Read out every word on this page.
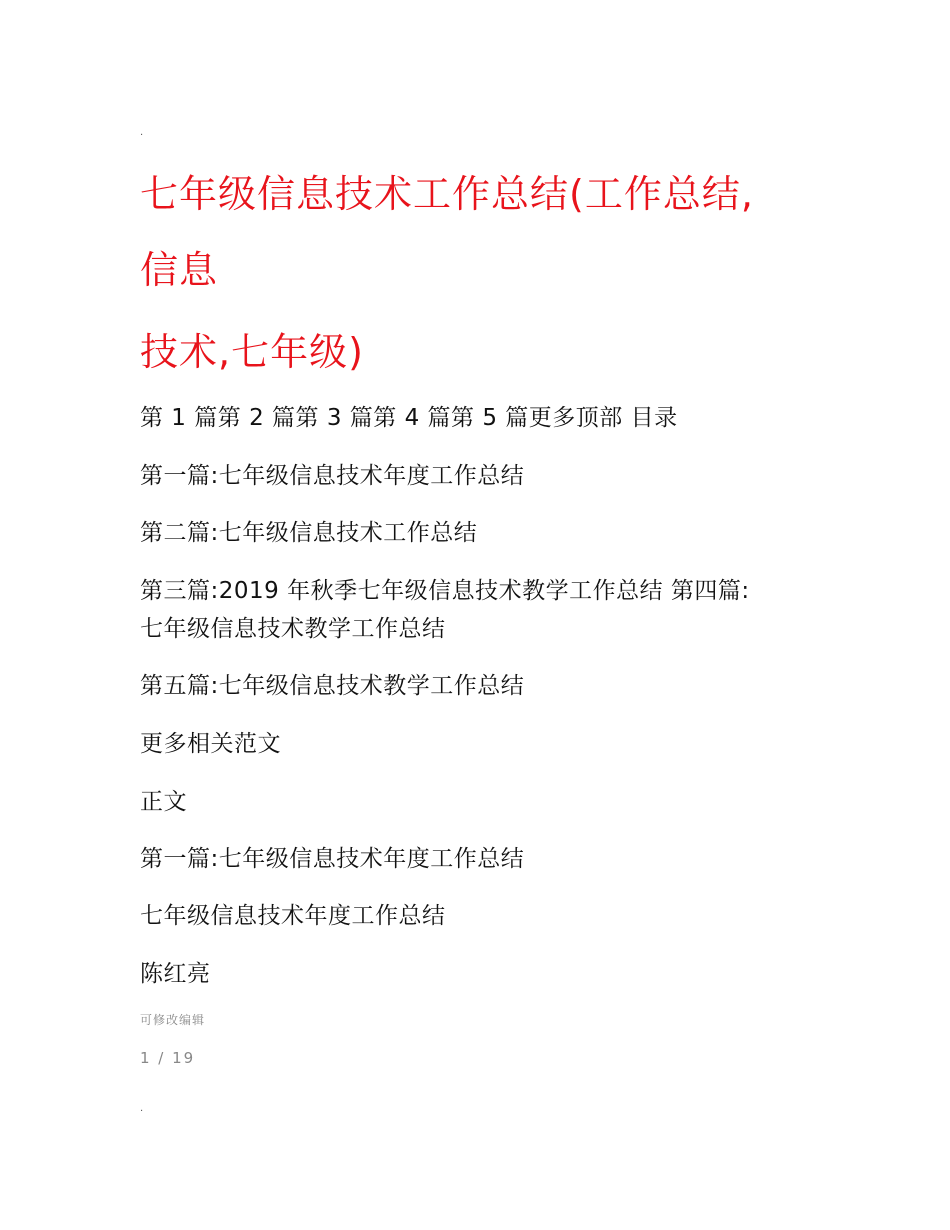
.
七年级信息技术工作总结(工作总结,
信息
技术,七年级)
第 1 篇第 2 篇第 3 篇第 4 篇第 5 篇更多顶部 目录
第一篇:七年级信息技术年度工作总结
第二篇:七年级信息技术工作总结
第三篇:2019 年秋季七年级信息技术教学工作总结 第四篇:
七年级信息技术教学工作总结
第五篇:七年级信息技术教学工作总结
更多相关范文
正文
第一篇:七年级信息技术年度工作总结
七年级信息技术年度工作总结
陈红亮
可修改编辑
1 / 19
.
